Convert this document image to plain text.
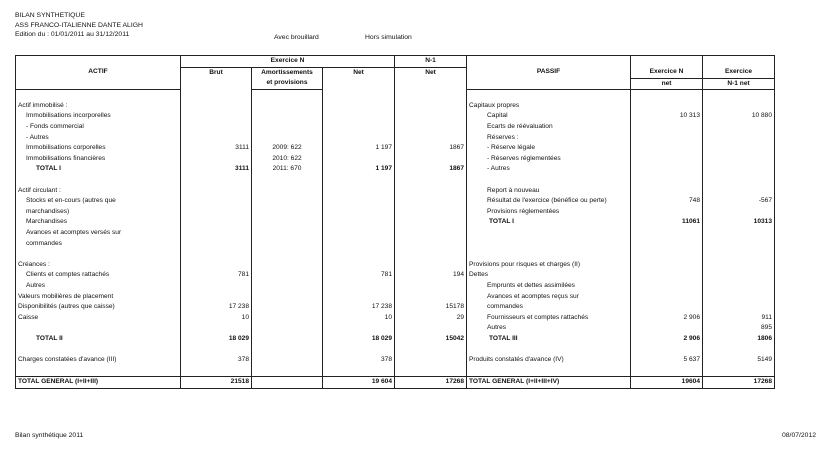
BILAN SYNTHETIQUE
ASS FRANCO-ITALIENNE DANTE ALIGH
Edition du : 01/01/2011 au 31/12/2011	Avec brouillard	Hors simulation
ACTIF	Exercice N			N-1	PASSIF	Exercice N	Exercice
	Brut	Amortissements	Net	Net			
		et provisions				net	N-1 net

Actif immobilisé :					Capitaux propres		
Immobilisations incorporelles					Capital	10 313	10 880
- Fonds commercial					Ecarts de réévaluation		
- Autres					Réserves :		
Immobilisations corporelles	3111	2009: 622	1 197	1867	- Réserve légale		
Immobilisations financières		2010: 622			- Réserves réglementées		
TOTAL I	3111	2011: 670	1 197	1867	- Autres		

Actif circulant :					Report à nouveau		
Stocks et en-cours (autres que					Résultat de l'exercice (bénéfice ou perte)	748	-567
marchandises)					Provisions réglementées		
Marchandises					TOTAL I	11061	10313
Avances et acomptes versés sur							
commandes							

Créances :					Provisions pour risques et charges (II)		
Clients et comptes rattachés	781		781	194	Dettes		
Autres					Emprunts et dettes assimilées		
Valeurs mobilières de placement					Avances et acomptes reçus sur		
Disponibilités (autres que caisse)	17 238		17 238	15178	commandes		
Caisse	10		10	29	Fournisseurs et comptes rattachés	2 906	911
					Autres		895
TOTAL II	18 029		18 029	15042	TOTAL III	2 906	1806

Charges constatées d'avance (III)	378		378		Produits constatés d'avance (IV)	5 637	5149

TOTAL GENERAL (I+II+III)	21518		19 604	17268	TOTAL GENERAL (I+II+III+IV)	19604	17268
Bilan synthétique 2011	08/07/2012
